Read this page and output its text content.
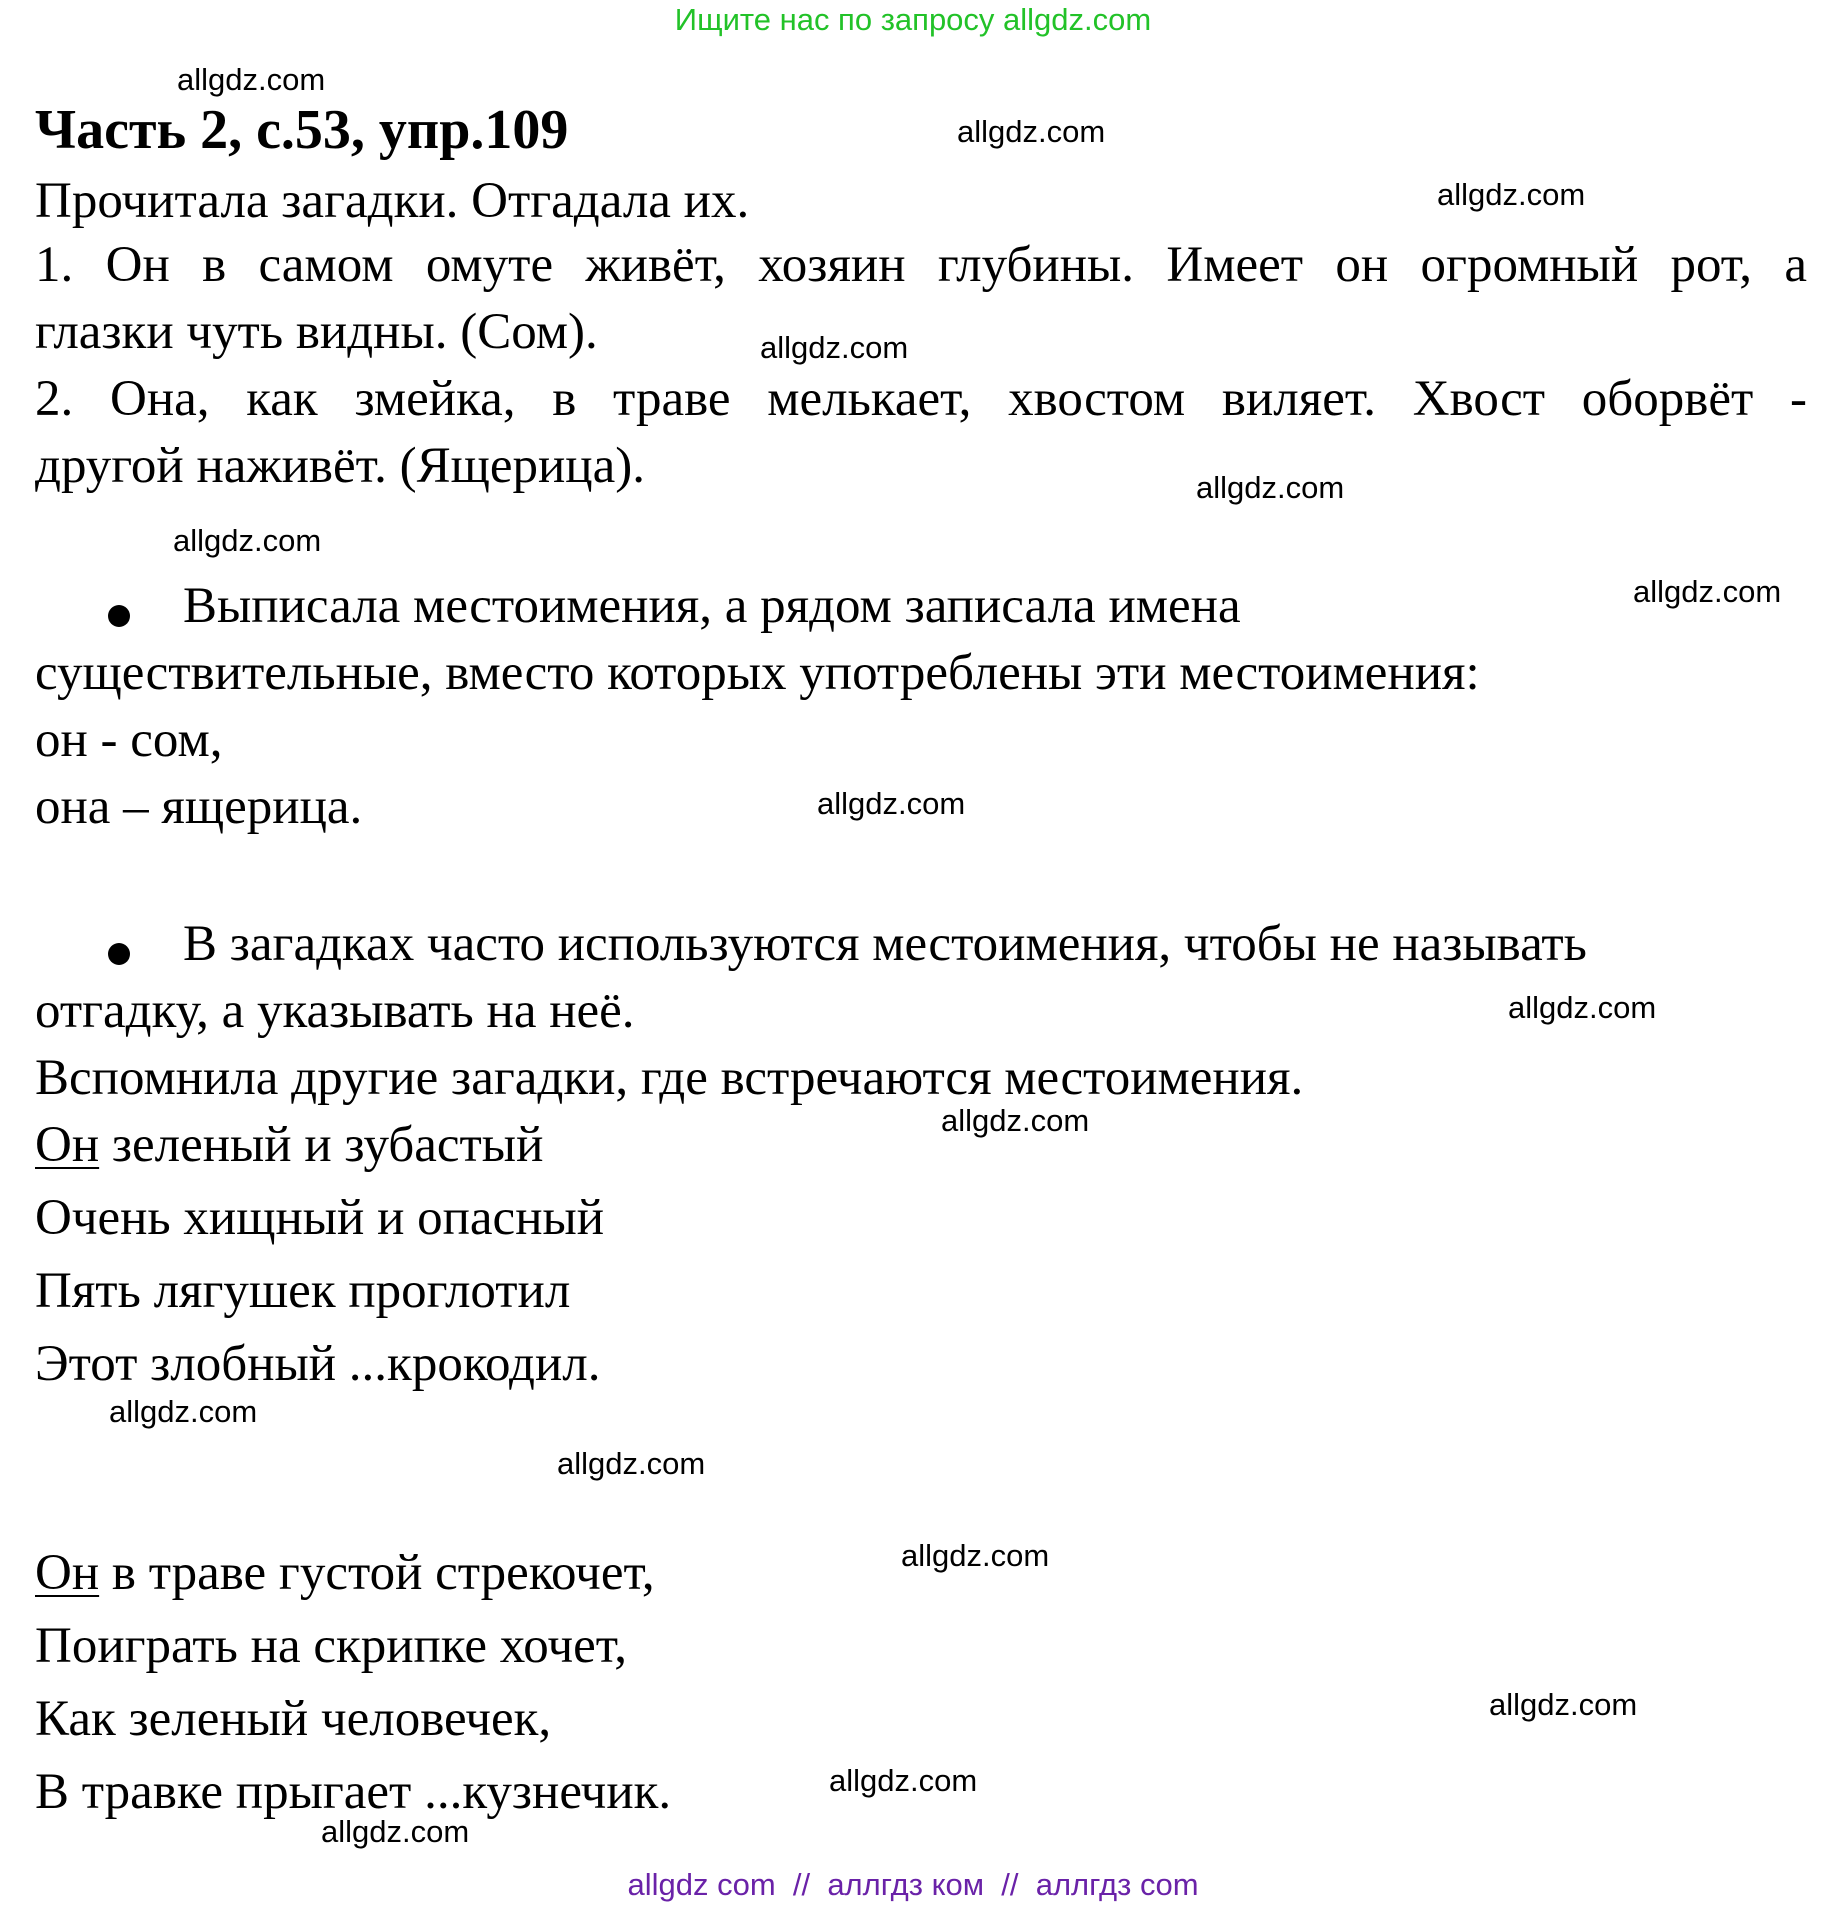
Ищите нас по запросу allgdz.com
Часть 2, с.53, упр.109
Прочитала загадки. Отгадала их.
1. Он в самом омуте живёт, хозяин глубины. Имеет он огромный рот, а
глазки чуть видны. (Сом).
2. Она, как змейка, в траве мелькает, хвостом виляет. Хвост оборвёт -
другой наживёт. (Ящерица).
Выписала местоимения, а рядом записала имена
существительные, вместо которых употреблены эти местоимения:
он - сом,
она – ящерица.
В загадках часто используются местоимения, чтобы не называть
отгадку, а указывать на неё.
Вспомнила другие загадки, где встречаются местоимения.
Он зеленый и зубастый
Очень хищный и опасный
Пять лягушек проглотил
Этот злобный ...крокодил.
Он в траве густой стрекочет,
Поиграть на скрипке хочет,
Как зеленый человечек,
В травке прыгает ...кузнечик.
allgdz.com
allgdz.com
allgdz.com
allgdz.com
allgdz.com
allgdz.com
allgdz.com
allgdz.com
allgdz.com
allgdz.com
allgdz.com
allgdz.com
allgdz.com
allgdz.com
allgdz.com
allgdz.com
allgdz com  //  аллгдз ком  //  аллгдз com
